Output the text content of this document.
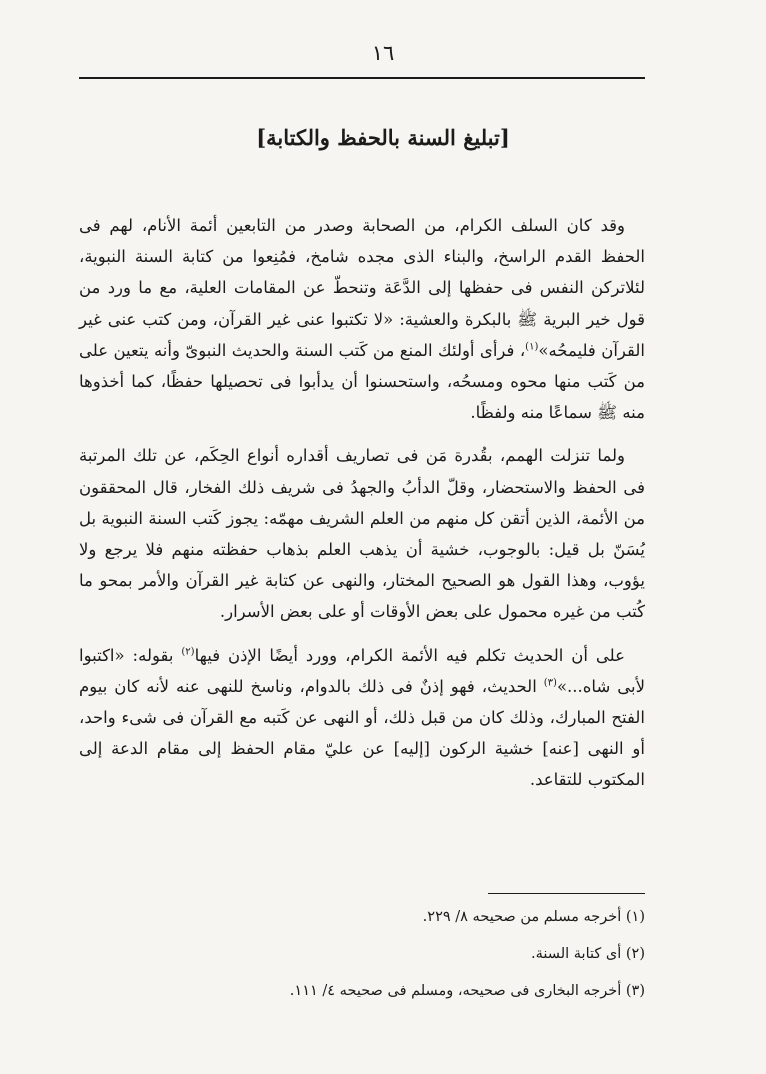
١٦
[تبليغ السنة بالحفظ والكتابة]

وقد كان السلف الكرام، من الصحابة وصدر من التابعين أئمة الأنام، لهم فى الحفظ القدم الراسخ، والبناء الذى مجده شامخ، فمُنِعوا من كتابة السنة النبوية، لئلاتركن النفس فى حفظها إلى الدَّعَة وتنحطّ عن المقامات العلية، مع ما ورد من قول خير البرية ﷺ بالبكرة والعشية: «لا تكتبوا عنى غير القرآن، ومن كتب عنى غير القرآن فليمحُه»$^{(١)}$، فرأى أولئك المنع من كَتب السنة والحديث النبوىّ وأنه يتعين على من كَتب منها محوه ومسحُه، واستحسنوا أن يدأبوا فى تحصيلها حفظًا، كما أخذوها منه ﷺ سماعًا منه ولفظًا.

ولما تنزلت الهمم، بقُدرة مَن فى تصاريف أقداره أنواع الحِكَم، عن تلك المرتبة فى الحفظ والاستحضار، وقلّ الدأبُ والجهدُ فى شريف ذلك الفخار، قال المحققون من الأئمة، الذين أتقن كل منهم من العلم الشريف مهمّه: يجوز كَتب السنة النبوية بل يُسَنّ بل قيل: بالوجوب، خشية أن يذهب العلم بذهاب حفظته منهم فلا يرجع ولا يؤوب، وهذا القول هو الصحيح المختار، والنهى عن كتابة غير القرآن والأمر بمحو ما كُتب من غيره محمول على بعض الأوقات أو على بعض الأسرار.

على أن الحديث تكلم فيه الأئمة الكرام، وورد أيضًا الإذن فيها$^{(٢)}$ بقوله: «اكتبوا لأبى شاه...»$^{(٣)}$ الحديث، فهو إذنٌ فى ذلك بالدوام، وناسخ للنهى عنه لأنه كان بيوم الفتح المبارك، وذلك كان من قبل ذلك، أو النهى عن كَتبه مع القرآن فى شىء واحد، أو النهى [عنه] خشية الركون [إليه] عن عليّ مقام الحفظ إلى مقام الدعة إلى المكتوب للتقاعد.

(١) أخرجه مسلم من صحيحه ٨/ ٢٢٩.

(٢) أى كتابة السنة.

(٣) أخرجه البخارى فى صحيحه، ومسلم فى صحيحه ٤/ ١١١.
